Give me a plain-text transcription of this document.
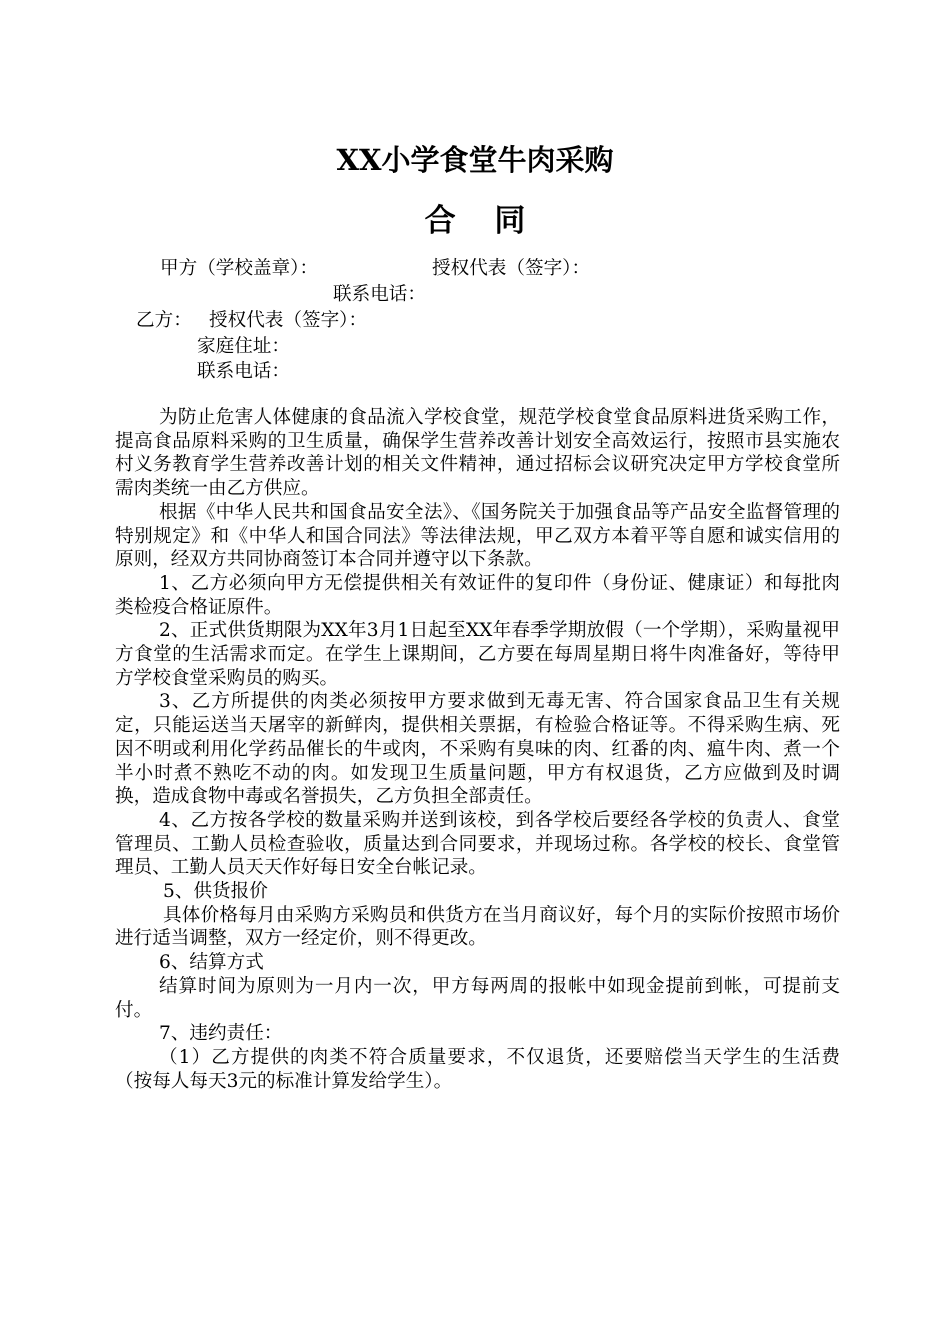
XX小学食堂牛肉采购
合 同
甲方（学校盖章）：	授权代表（签字）：
联系电话：
乙方： 授权代表（签字）：
家庭住址：
联系电话：

为防止危害人体健康的食品流入学校食堂，规范学校食堂食品原料进货采购工作，提高食品原料采购的卫生质量，确保学生营养改善计划安全高效运行，按照市县实施农村义务教育学生营养改善计划的相关文件精神，通过招标会议研究决定甲方学校食堂所需肉类统一由乙方供应。

根据《中华人民共和国食品安全法》、《国务院关于加强食品等产品安全监督管理的特别规定》和《中华人和国合同法》等法律法规，甲乙双方本着平等自愿和诚实信用的原则，经双方共同协商签订本合同并遵守以下条款。

1、乙方必须向甲方无偿提供相关有效证件的复印件（身份证、健康证）和每批肉类检疫合格证原件。

2、正式供货期限为XX年3月1日起至XX年春季学期放假（一个学期），采购量视甲方食堂的生活需求而定。在学生上课期间，乙方要在每周星期日将牛肉准备好，等待甲方学校食堂采购员的购买。

3、乙方所提供的肉类必须按甲方要求做到无毒无害、符合国家食品卫生有关规定，只能运送当天屠宰的新鲜肉，提供相关票据，有检验合格证等。不得采购生病、死因不明或利用化学药品催长的牛或肉，不采购有臭味的肉、红番的肉、瘟牛肉、煮一个半小时煮不熟吃不动的肉。如发现卫生质量问题，甲方有权退货，乙方应做到及时调换，造成食物中毒或名誉损失，乙方负担全部责任。

4、乙方按各学校的数量采购并送到该校，到各学校后要经各学校的负责人、食堂管理员、工勤人员检查验收，质量达到合同要求，并现场过称。各学校的校长、食堂管理员、工勤人员天天作好每日安全台帐记录。

5、供货报价

具体价格每月由采购方采购员和供货方在当月商议好，每个月的实际价按照市场价进行适当调整，双方一经定价，则不得更改。

6、结算方式

结算时间为原则为一月内一次，甲方每两周的报帐中如现金提前到帐，可提前支付。

7、违约责任：

（1）乙方提供的肉类不符合质量要求，不仅退货，还要赔偿当天学生的生活费（按每人每天3元的标准计算发给学生）。
